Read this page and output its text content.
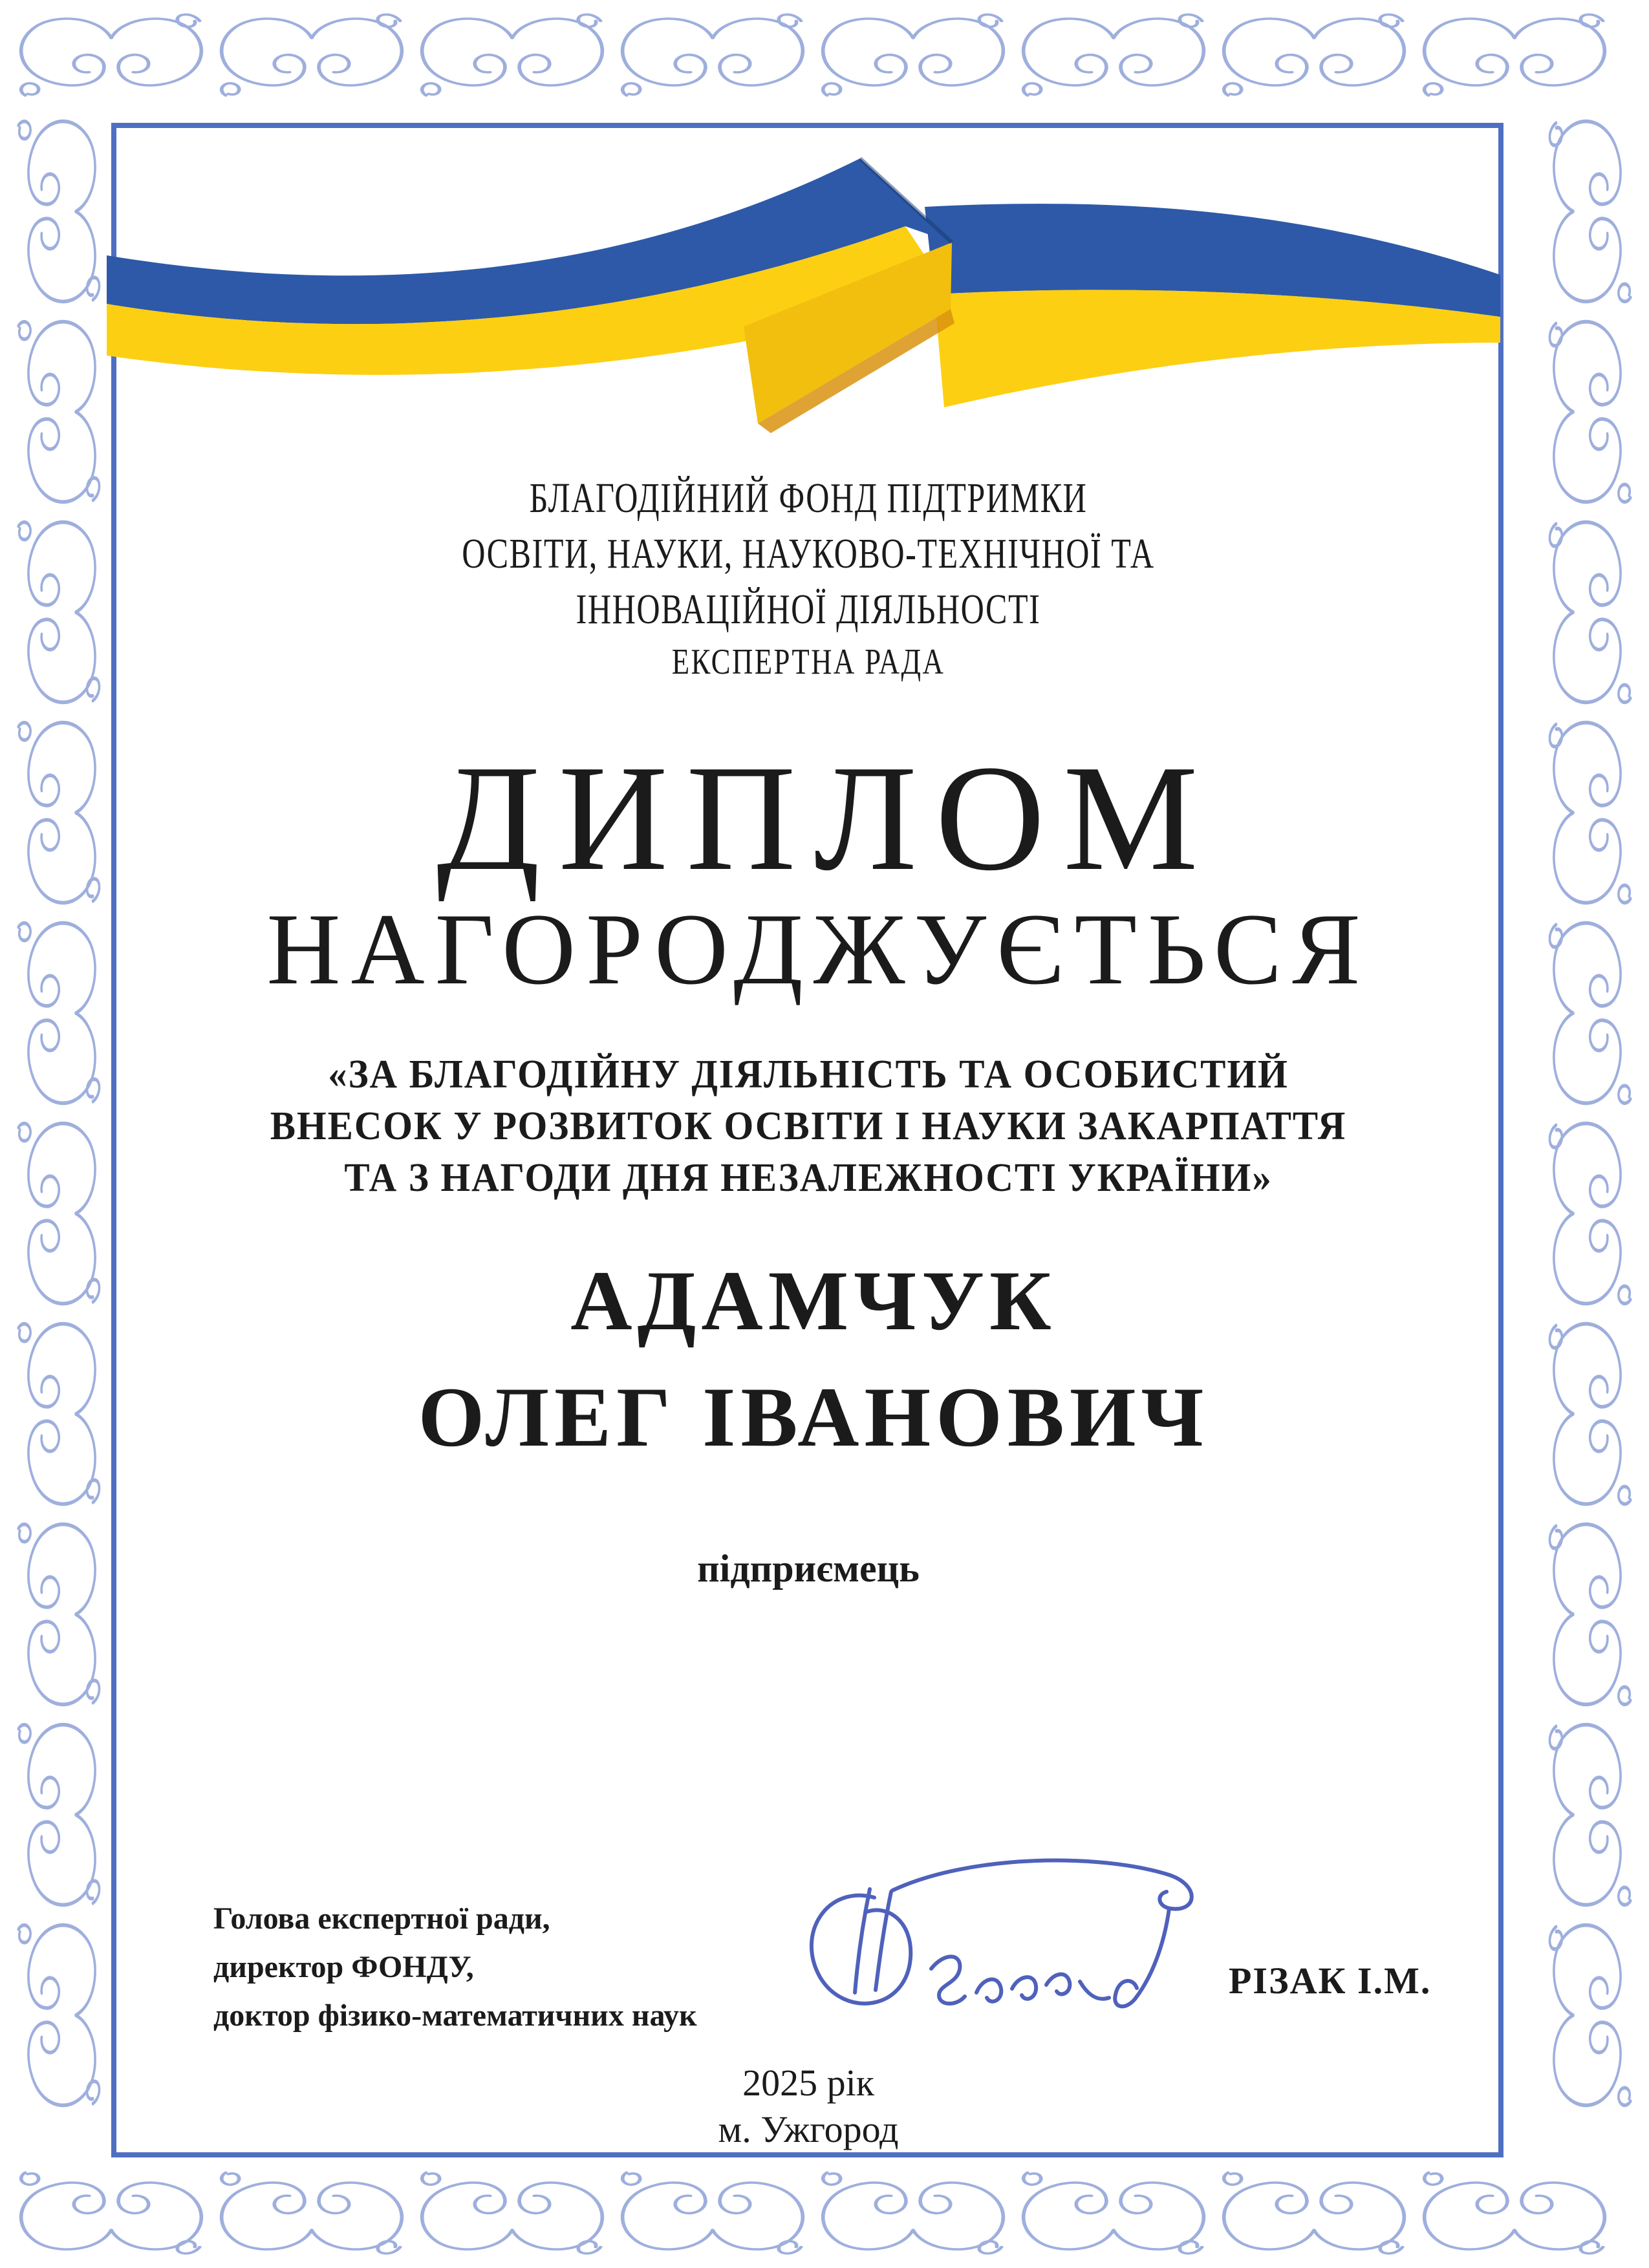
БЛАГОДІЙНИЙ ФОНД ПІДТРИМКИ
ОСВІТИ, НАУКИ, НАУКОВО-ТЕХНІЧНОЇ ТА
ІННОВАЦІЙНОЇ ДІЯЛЬНОСТІ
ЕКСПЕРТНА РАДА
ДИПЛОМ
НАГОРОДЖУЄТЬСЯ
«ЗА БЛАГОДІЙНУ ДІЯЛЬНІСТЬ ТА ОСОБИСТИЙ
ВНЕСОК У РОЗВИТОК ОСВІТИ І НАУКИ ЗАКАРПАТТЯ
ТА З НАГОДИ ДНЯ НЕЗАЛЕЖНОСТІ УКРАЇНИ»
АДАМЧУК
ОЛЕГ ІВАНОВИЧ
підприємець
Голова експертної ради,
директор ФОНДУ,
доктор фізико-математичних наук
РІЗАК І.М.
2025 рік
м. Ужгород
